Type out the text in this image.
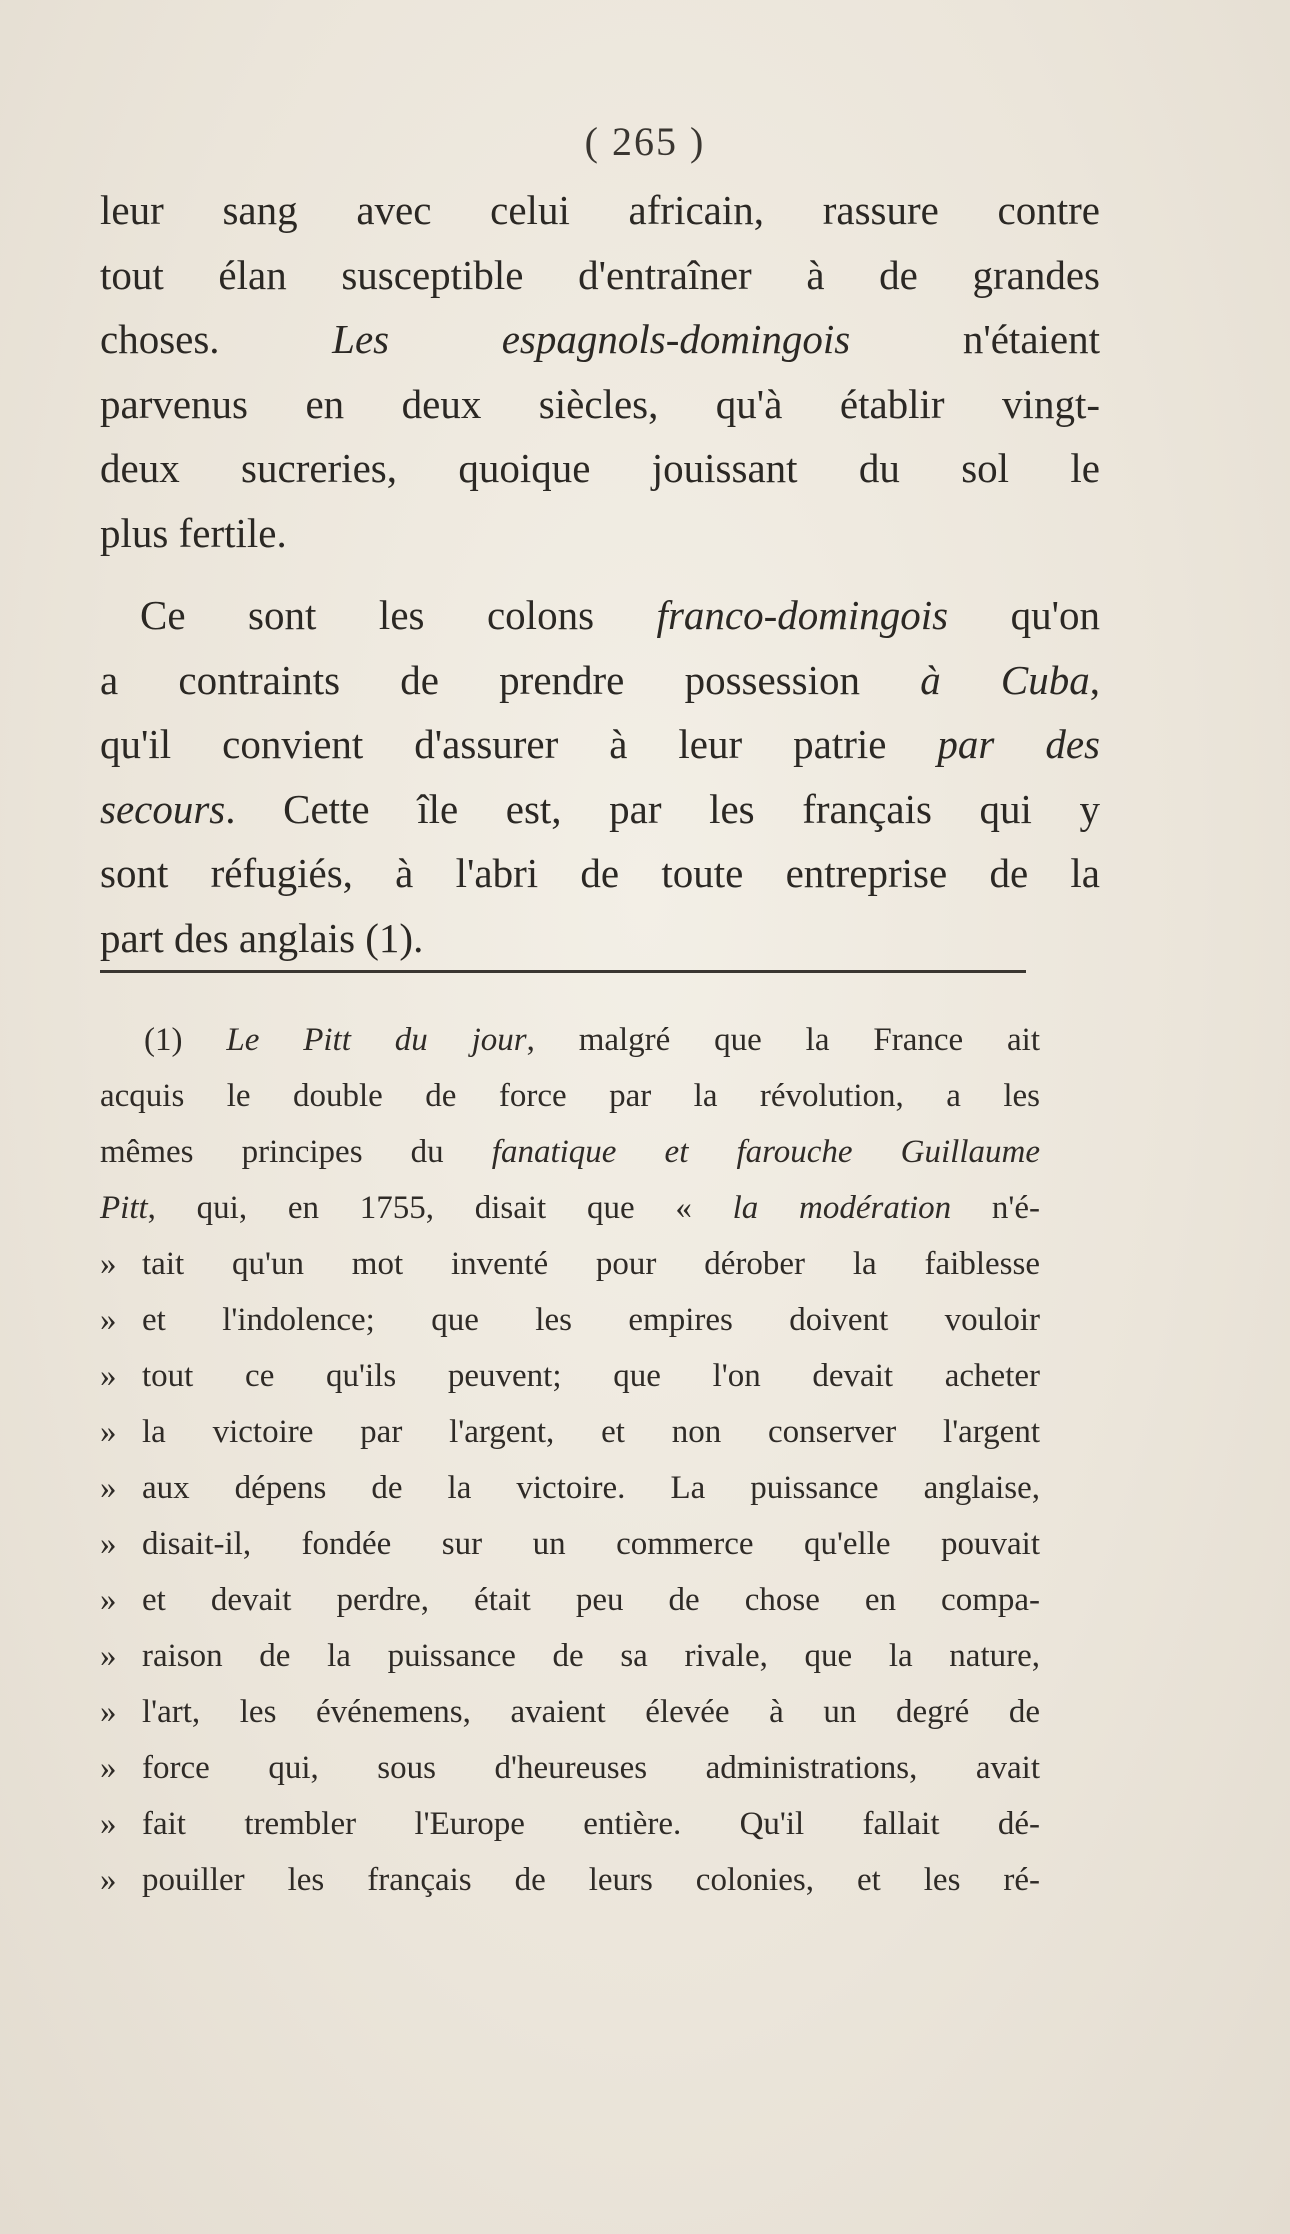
( 265 )
leur sang avec celui africain, rassure contre
tout élan susceptible d'entraîner à de grandes
choses. Les espagnols-domingois n'étaient
parvenus en deux siècles, qu'à établir vingt-
deux sucreries, quoique jouissant du sol le
plus fertile.
Ce sont les colons franco-domingois qu'on
a contraints de prendre possession à Cuba,
qu'il convient d'assurer à leur patrie par des
secours. Cette île est, par les français qui y
sont réfugiés, à l'abri de toute entreprise de la
part des anglais (1).
(1) Le Pitt du jour, malgré que la France ait
acquis le double de force par la révolution, a les
mêmes principes du fanatique et farouche Guillaume
Pitt, qui, en 1755, disait que « la modération n'é-
» tait qu'un mot inventé pour dérober la faiblesse
» et l'indolence; que les empires doivent vouloir
» tout ce qu'ils peuvent; que l'on devait acheter
» la victoire par l'argent, et non conserver l'argent
» aux dépens de la victoire. La puissance anglaise,
» disait-il, fondée sur un commerce qu'elle pouvait
» et devait perdre, était peu de chose en compa-
» raison de la puissance de sa rivale, que la nature,
» l'art, les événemens, avaient élevée à un degré de
» force qui, sous d'heureuses administrations, avait
» fait trembler l'Europe entière. Qu'il fallait dé-
» pouiller les français de leurs colonies, et les ré-
